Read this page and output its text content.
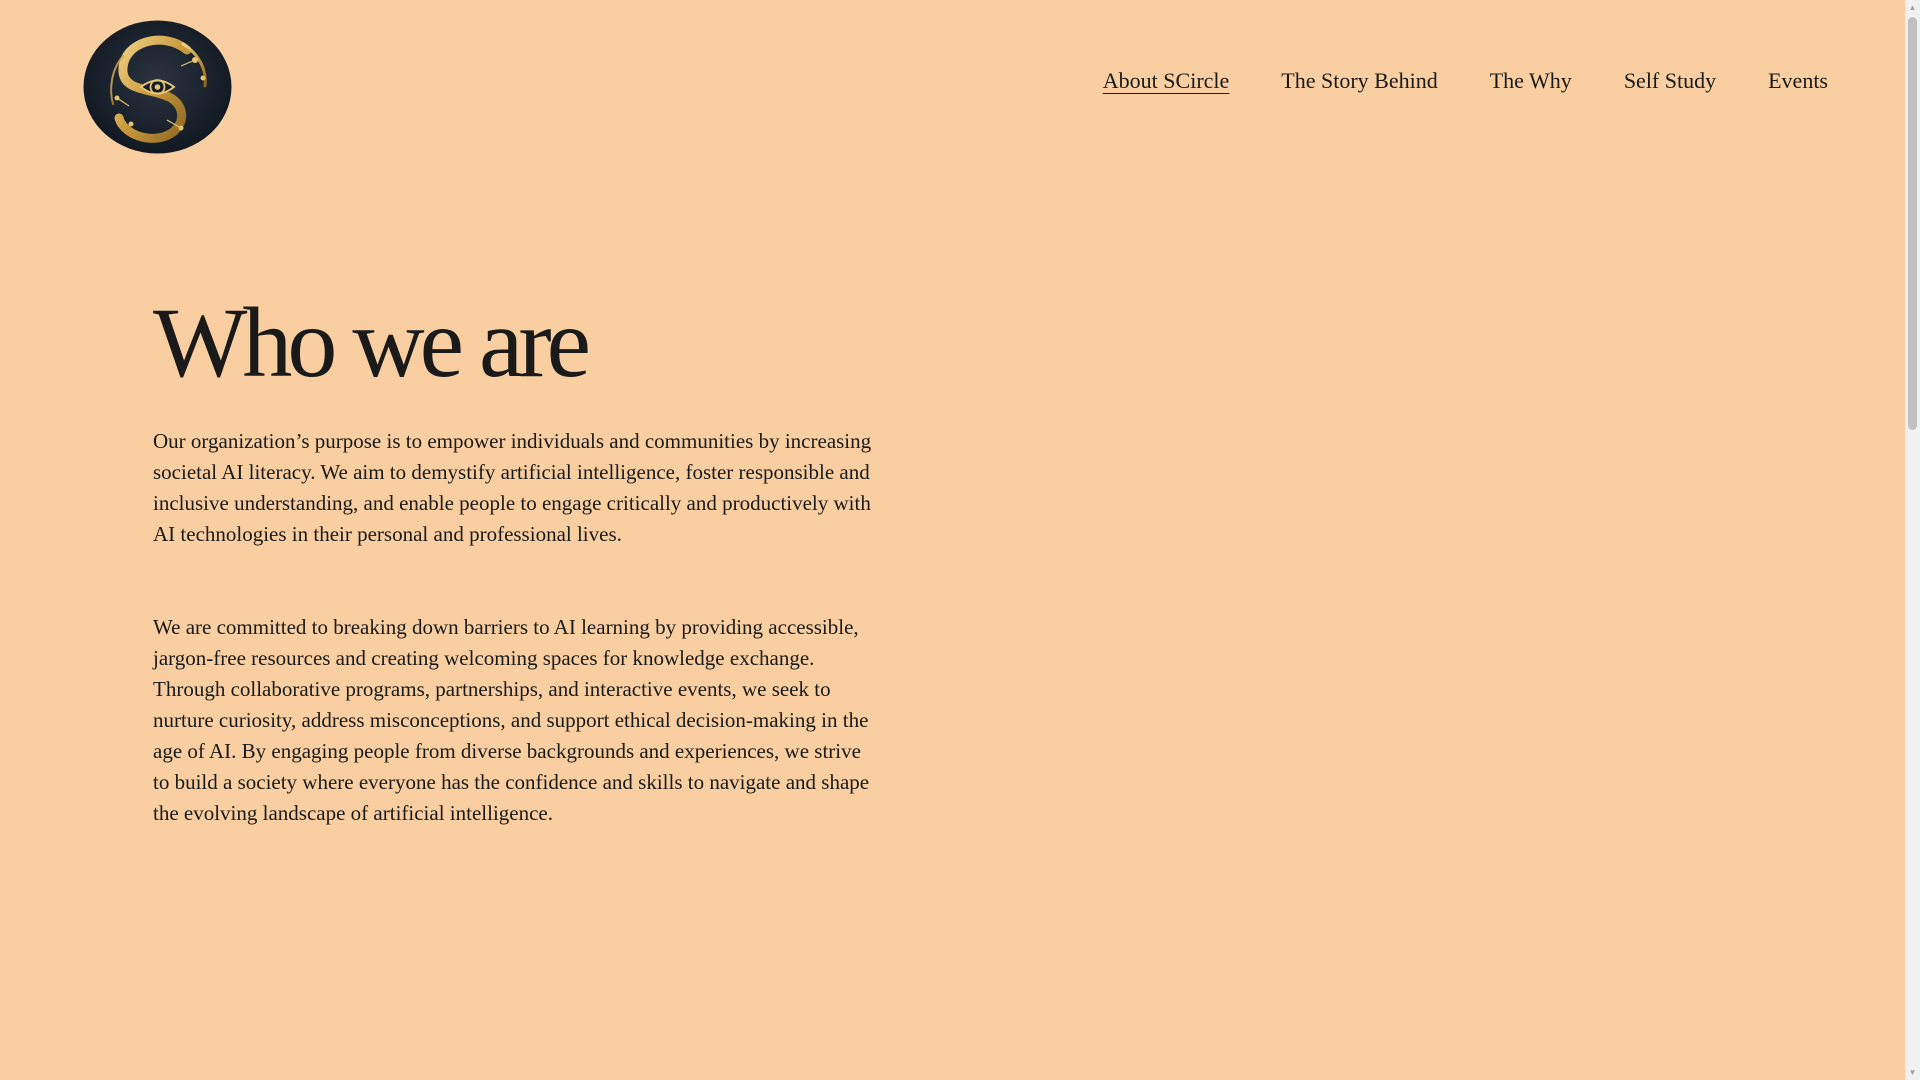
About SCircle The Story Behind The Why Self Study Events
Who we are

Our organization’s purpose is to empower individuals and communities by increasing societal AI literacy. We aim to demystify artificial intelligence, foster responsible and inclusive understanding, and enable people to engage critically and productively with AI technologies in their personal and professional lives.

We are committed to breaking down barriers to AI learning by providing accessible, jargon-free resources and creating welcoming spaces for knowledge exchange. Through collaborative programs, partnerships, and interactive events, we seek to nurture curiosity, address misconceptions, and support ethical decision-making in the age of AI. By engaging people from diverse backgrounds and experiences, we strive to build a society where everyone has the confidence and skills to navigate and shape the evolving landscape of artificial intelligence.

▲
▼
